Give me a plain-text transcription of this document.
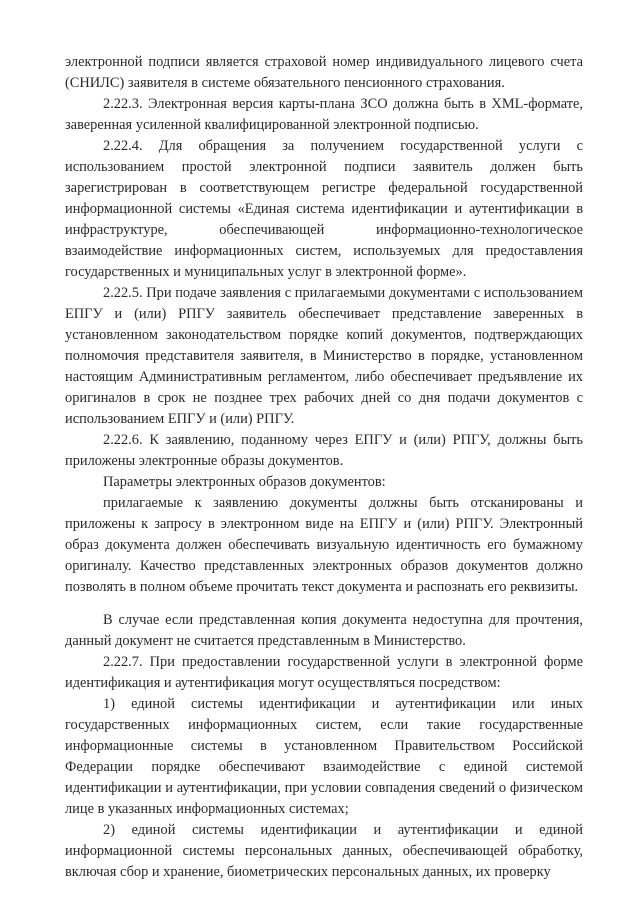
электронной подписи является страховой номер индивидуального лицевого счета (СНИЛС) заявителя в системе обязательного пенсионного страхования.

2.22.3. Электронная версия карты-плана ЗСО должна быть в XML-формате, заверенная усиленной квалифицированной электронной подписью.

2.22.4. Для обращения за получением государственной услуги с использованием простой электронной подписи заявитель должен быть зарегистрирован в соответствующем регистре федеральной государственной информационной системы «Единая система идентификации и аутентификации в инфраструктуре, обеспечивающей информационно-технологическое взаимодействие информационных систем, используемых для предоставления государственных и муниципальных услуг в электронной форме».

2.22.5. При подаче заявления с прилагаемыми документами с использованием ЕПГУ и (или) РПГУ заявитель обеспечивает представление заверенных в установленном законодательством порядке копий документов, подтверждающих полномочия представителя заявителя, в Министерство в порядке, установленном настоящим Административным регламентом, либо обеспечивает предъявление их оригиналов в срок не позднее трех рабочих дней со дня подачи документов с использованием ЕПГУ и (или) РПГУ.

2.22.6. К заявлению, поданному через ЕПГУ и (или) РПГУ, должны быть приложены электронные образы документов.

Параметры электронных образов документов:

прилагаемые к заявлению документы должны быть отсканированы и приложены к запросу в электронном виде на ЕПГУ и (или) РПГУ. Электронный образ документа должен обеспечивать визуальную идентичность его бумажному оригиналу. Качество представленных электронных образов документов должно позволять в полном объеме прочитать текст документа и распознать его реквизиты.

В случае если представленная копия документа недоступна для прочтения, данный документ не считается представленным в Министерство.

2.22.7. При предоставлении государственной услуги в электронной форме идентификация и аутентификация могут осуществляться посредством:

1) единой системы идентификации и аутентификации или иных государственных информационных систем, если такие государственные информационные системы в установленном Правительством Российской Федерации порядке обеспечивают взаимодействие с единой системой идентификации и аутентификации, при условии совпадения сведений о физическом лице в указанных информационных системах;

2) единой системы идентификации и аутентификации и единой информационной системы персональных данных, обеспечивающей обработку, включая сбор и хранение, биометрических персональных данных, их проверку
